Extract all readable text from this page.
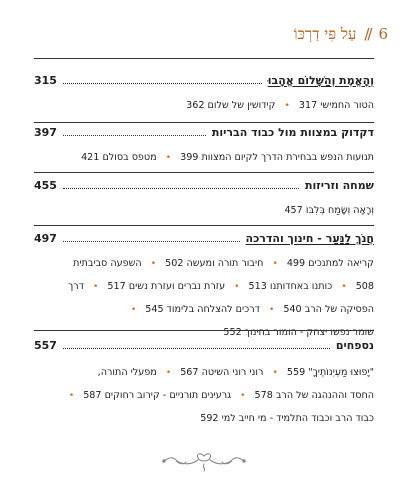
6
//
עַל פִּי דַרְכּוֹ
וְהָאֱמֶת וְהַשָּׁלוֹם אֱהָבוּ
315
הטור החמישי 317 • קידושין של שלום 362
דקדוק במצוות מול כבוד הבריות
397
תנועות הנפש בבחירת הדרך לקיום המצוות 399 • מטפס בסולם 421
שמחה וזריזות
455
וְרָאָה וְשָׂמַח בְּלִבּוֹ 457
חֲנֹךְ לַנַּעַר - חינוך והדרכה
497
קריאה למתנכים 499 • חיבור תורה ומעשה 502 • השפעה סביבתית
508 • כותנו באחדותנו 513 • עזרת נברים ועזרת נשים 517 • דרך
הפסיקה של הרב 540 • דרכים להצלחה בלימוד 545 •
שומר נפשו יצחק - הומור בחינוך 552
נספחים
557
"יָפוּצוּ מַעְיְנוֹתֶיךָ" 559 • רוני רוני השיטה 567 • מפעלי התורה,
החסד וההנהגה של הרב 578 • גרעינים תורניים - קירוב רחוקים 587 •
כבוד הרב וכבוד התלמיד - מי חייב למי 592
